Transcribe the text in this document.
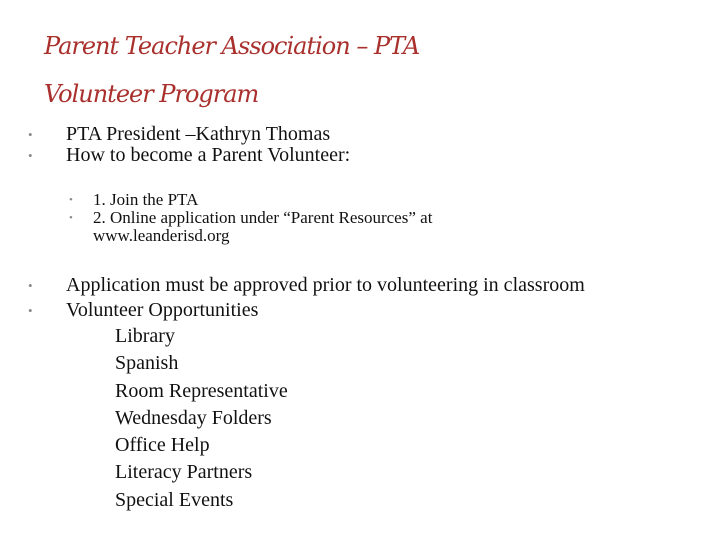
Parent Teacher Association – PTA
Volunteer Program
• PTA President –Kathryn Thomas
• How to become a Parent Volunteer:
• 1. Join the PTA
• 2. Online application under “Parent Resources” at www.leanderisd.org
• Application must be approved prior to volunteering in classroom
• Volunteer Opportunities
Library
Spanish
Room Representative
Wednesday Folders
Office Help
Literacy Partners
Special Events
